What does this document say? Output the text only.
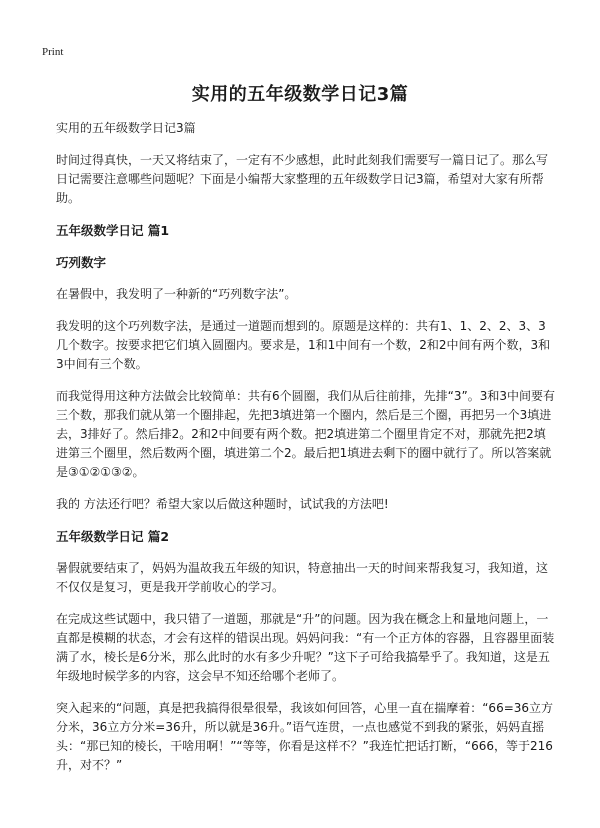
Print
实用的五年级数学日记3篇

实用的五年级数学日记3篇

时间过得真快，一天又将结束了，一定有不少感想，此时此刻我们需要写一篇日记了。那么写日记需要注意哪些问题呢？下面是小编帮大家整理的五年级数学日记3篇，希望对大家有所帮助。

五年级数学日记 篇1
巧列数字

在暑假中，我发明了一种新的“巧列数字法”。

我发明的这个巧列数字法，是通过一道题而想到的。原题是这样的：共有1、1、2、2、3、3几个数字。按要求把它们填入圆圈内。要求是，1和1中间有一个数，2和2中间有两个数，3和3中间有三个数。

而我觉得用这种方法做会比较简单：共有6个圆圈，我们从后往前排，先排“3”。3和3中间要有三个数，那我们就从第一个圈排起，先把3填进第一个圈内，然后是三个圈，再把另一个3填进去，3排好了。然后排2。2和2中间要有两个数。把2填进第二个圈里肯定不对，那就先把2填进第三个圈里，然后数两个圈，填进第二个2。最后把1填进去剩下的圈中就行了。所以答案就是③①②①③②。

我的 方法还行吧？希望大家以后做这种题时，试试我的方法吧!

五年级数学日记 篇2

暑假就要结束了，妈妈为温故我五年级的知识，特意抽出一天的时间来帮我复习，我知道，这不仅仅是复习，更是我开学前收心的学习。

在完成这些试题中，我只错了一道题，那就是“升”的问题。因为我在概念上和量地问题上，一直都是模糊的状态，才会有这样的错误出现。妈妈问我：“有一个正方体的容器，且容器里面装满了水，棱长是6分米，那么此时的水有多少升呢？”这下子可给我搞晕乎了。我知道，这是五年级地时候学多的内容，这会早不知还给哪个老师了。

突入起来的“问题，真是把我搞得很晕很晕，我该如何回答，心里一直在揣摩着：“66=36立方分米，36立方分米=36升，所以就是36升。”语气连贯，一点也感觉不到我的紧张，妈妈直摇头：“那已知的棱长，干啥用啊！”“等等，你看是这样不？”我连忙把话打断，“666，等于216升，对不？”
